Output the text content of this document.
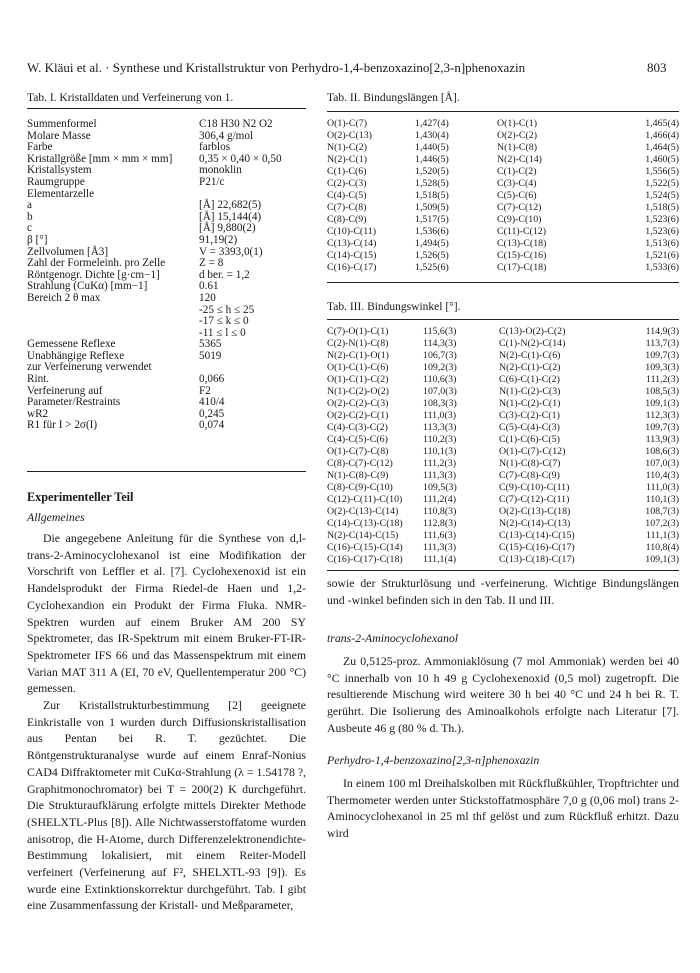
W. Kläui et al. · Synthese und Kristallstruktur von Perhydro-1,4-benzoxazino[2,3-n]phenoxazin	803
Tab. I. Kristalldaten und Verfeinerung von 1.
Summenformel	C18 H30 N2 O2
Molare Masse	306,4 g/mol
Farbe	farblos
Kristallgröße [mm × mm × mm]	0,35 × 0,40 × 0,50
Kristallsystem	monoklin
Raumgruppe	P21/c
Elementarzelle	
a	[Å] 22,682(5)
b	[Å] 15,144(4)
c	[Å] 9,880(2)
β [°]	91,19(2)
Zellvolumen [Å3]	V = 3393,0(1)
Zahl der Formeleinh. pro Zelle	Z = 8
Röntgenogr. Dichte [g·cm−1]	d ber. = 1,2
Strahlung (CuKα) [mm−1]	0.61
Bereich 2 θ max	120
	-25 ≤ h ≤ 25
	-17 ≤ k ≤ 0
	-11 ≤ l ≤ 0
Gemessene Reflexe	5365
Unabhängige Reflexe	5019
zur Verfeinerung verwendet	
Rint.	0,066
Verfeinerung auf	F2
Parameter/Restraints	410/4
wR2	0,245
R1 für I > 2σ(I)	0,074
Experimenteller Teil
Allgemeines

Die angegebene Anleitung für die Synthese von d,l-trans-2-Aminocyclohexanol ist eine Modifikation der Vorschrift von Leffler et al. [7]. Cyclohexenoxid ist ein Handelsprodukt der Firma Riedel-de Haen und 1,2-Cyclohexandion ein Produkt der Firma Fluka. NMR-Spektren wurden auf einem Bruker AM 200 SY Spektrometer, das IR-Spektrum mit einem Bruker-FT-IR-Spektrometer IFS 66 und das Massenspektrum mit einem Varian MAT 311 A (EI, 70 eV, Quellentemperatur 200 °C) gemessen.

Zur Kristallstrukturbestimmung [2] geeignete Einkristalle von 1 wurden durch Diffusionskristallisation aus Pentan bei R. T. gezüchtet. Die Röntgenstrukturanalyse wurde auf einem Enraf-Nonius CAD4 Diffraktometer mit CuKα-Strahlung (λ = 1.54178 ?, Graphitmonochromator) bei T = 200(2) K durchgeführt. Die Strukturaufklärung erfolgte mittels Direkter Methode (SHELXTL-Plus [8]). Alle Nichtwasserstoffatome wurden anisotrop, die H-Atome, durch Differenzelektronendichte-Bestimmung lokalisiert, mit einem Reiter-Modell verfeinert (Verfeinerung auf F², SHELXTL-93 [9]). Es wurde eine Extinktionskorrektur durchgeführt. Tab. I gibt eine Zusammenfassung der Kristall- und Meßparameter,

Tab. II. Bindungslängen [Å].
O(1)-C(7)	1,427(4)	O(1)-C(1)	1,465(4)
O(2)-C(13)	1,430(4)	O(2)-C(2)	1,466(4)
N(1)-C(2)	1,440(5)	N(1)-C(8)	1,464(5)
N(2)-C(1)	1,446(5)	N(2)-C(14)	1,460(5)
C(1)-C(6)	1,520(5)	C(1)-C(2)	1,556(5)
C(2)-C(3)	1,528(5)	C(3)-C(4)	1,522(5)
C(4)-C(5)	1,518(5)	C(5)-C(6)	1,524(5)
C(7)-C(8)	1,509(5)	C(7)-C(12)	1,518(5)
C(8)-C(9)	1,517(5)	C(9)-C(10)	1,523(6)
C(10)-C(11)	1,536(6)	C(11)-C(12)	1,523(6)
C(13)-C(14)	1,494(5)	C(13)-C(18)	1,513(6)
C(14)-C(15)	1,526(5)	C(15)-C(16)	1,521(6)
C(16)-C(17)	1,525(6)	C(17)-C(18)	1,533(6)
Tab. III. Bindungswinkel [°].
C(7)-O(1)-C(1)	115,6(3)	C(13)-O(2)-C(2)	114,9(3)
C(2)-N(1)-C(8)	114,3(3)	C(1)-N(2)-C(14)	113,7(3)
N(2)-C(1)-O(1)	106,7(3)	N(2)-C(1)-C(6)	109,7(3)
O(1)-C(1)-C(6)	109,2(3)	N(2)-C(1)-C(2)	109,3(3)
O(1)-C(1)-C(2)	110,6(3)	C(6)-C(1)-C(2)	111,2(3)
N(1)-C(2)-O(2)	107,0(3)	N(1)-C(2)-C(3)	108,5(3)
O(2)-C(2)-C(3)	108,3(3)	N(1)-C(2)-C(1)	109,1(3)
O(2)-C(2)-C(1)	111,0(3)	C(3)-C(2)-C(1)	112,3(3)
C(4)-C(3)-C(2)	113,3(3)	C(5)-C(4)-C(3)	109,7(3)
C(4)-C(5)-C(6)	110,2(3)	C(1)-C(6)-C(5)	113,9(3)
O(1)-C(7)-C(8)	110,1(3)	O(1)-C(7)-C(12)	108,6(3)
C(8)-C(7)-C(12)	111,2(3)	N(1)-C(8)-C(7)	107,0(3)
N(1)-C(8)-C(9)	111,3(3)	C(7)-C(8)-C(9)	110,4(3)
C(8)-C(9)-C(10)	109,5(3)	C(9)-C(10)-C(11)	111,0(3)
C(12)-C(11)-C(10)	111,2(4)	C(7)-C(12)-C(11)	110,1(3)
O(2)-C(13)-C(14)	110,8(3)	O(2)-C(13)-C(18)	108,7(3)
C(14)-C(13)-C(18)	112,8(3)	N(2)-C(14)-C(13)	107,2(3)
N(2)-C(14)-C(15)	111,6(3)	C(13)-C(14)-C(15)	111,1(3)
C(16)-C(15)-C(14)	111,3(3)	C(15)-C(16)-C(17)	110,8(4)
C(16)-C(17)-C(18)	111,1(4)	C(13)-C(18)-C(17)	109,1(3)
sowie der Strukturlösung und -verfeinerung. Wichtige Bindungslängen und -winkel befinden sich in den Tab. II und III.
trans-2-Aminocyclohexanol

Zu 0,5125-proz. Ammoniaklösung (7 mol Ammoniak) werden bei 40 °C innerhalb von 10 h 49 g Cyclohexenoxid (0,5 mol) zugetropft. Die resultierende Mischung wird weitere 30 h bei 40 °C und 24 h bei R. T. gerührt. Die Isolierung des Aminoalkohols erfolgte nach Literatur [7]. Ausbeute 46 g (80 % d. Th.).

Perhydro-1,4-benzoxazino[2,3-n]phenoxazin

In einem 100 ml Dreihalskolben mit Rückflußkühler, Tropftrichter und Thermometer werden unter Stickstoffatmosphäre 7,0 g (0,06 mol) trans 2-Aminocyclohexanol in 25 ml thf gelöst und zum Rückfluß erhitzt. Dazu wird
